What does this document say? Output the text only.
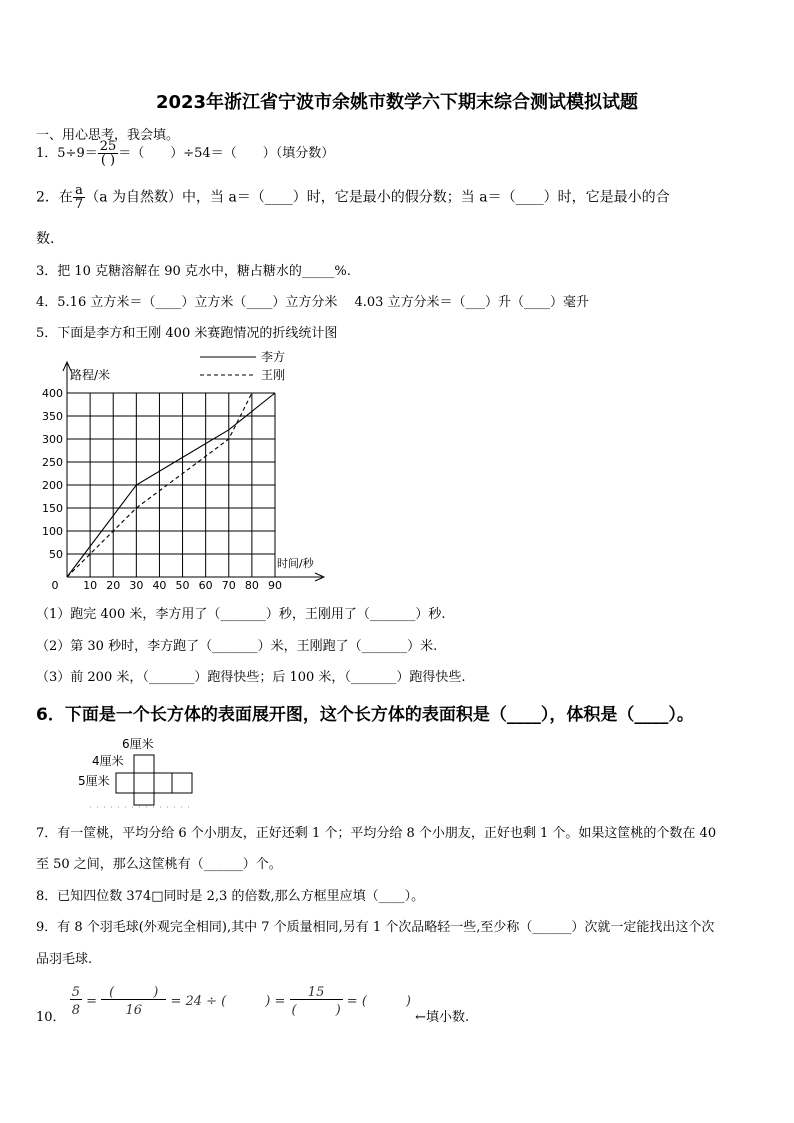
2023年浙江省宁波市余姚市数学六下期末综合测试模拟试题
一、用心思考，我会填。
1．$5\div 9= \frac{25}{( )}$ ＝（　　）÷54＝（　　）（填分数）
2．在 $\frac{a}{7} (a$ 为自然数）中，当 a＝（____）时，它是最小的假分数；当 a＝（____）时，它是最小的合
数.
3．把 10 克糖溶解在 90 克水中，糖占糖水的_____%.
4．5.16 立方米＝（____）立方米（____）立方分米　 4.03 立方分米＝（___）升（____）毫升
5．下面是李方和王刚 400 米赛跑情况的折线统计图
0 10 20 30 40 50 60 70 80 90
50
100
150
200
250
300
350
400
路程/米
时间/秒
李方
王刚
（1）跑完 400 米，李方用了（_______）秒，王刚用了（_______）秒.
（2）第 30 秒时，李方跑了（_______）米，王刚跑了（_______）米.
（3）前 200 米，（_______）跑得快些；后 100 米，（_______）跑得快些.
6．下面是一个长方体的表面展开图，这个长方体的表面积是（____），体积是（____）。
6厘米
4厘米
5厘米
7．有一筐桃，平均分给 6 个小朋友，正好还剩 1 个；平均分给 8 个小朋友，正好也剩 1 个。如果这筐桃的个数在 40
至 50 之间，那么这筐桃有（______）个。
8．已知四位数 374□同时是 2,3 的倍数,那么方框里应填（____）。
9．有 8 个羽毛球(外观完全相同),其中 7 个质量相同,另有 1 个次品略轻一些,至少称（______）次就一定能找出这个次
品羽毛球.
10．
$\frac{5}{8} = \frac{( )}{16} = 24$ ÷ (　　　) = $\frac{15}{( )}$ = (　　　) ←填小数.
